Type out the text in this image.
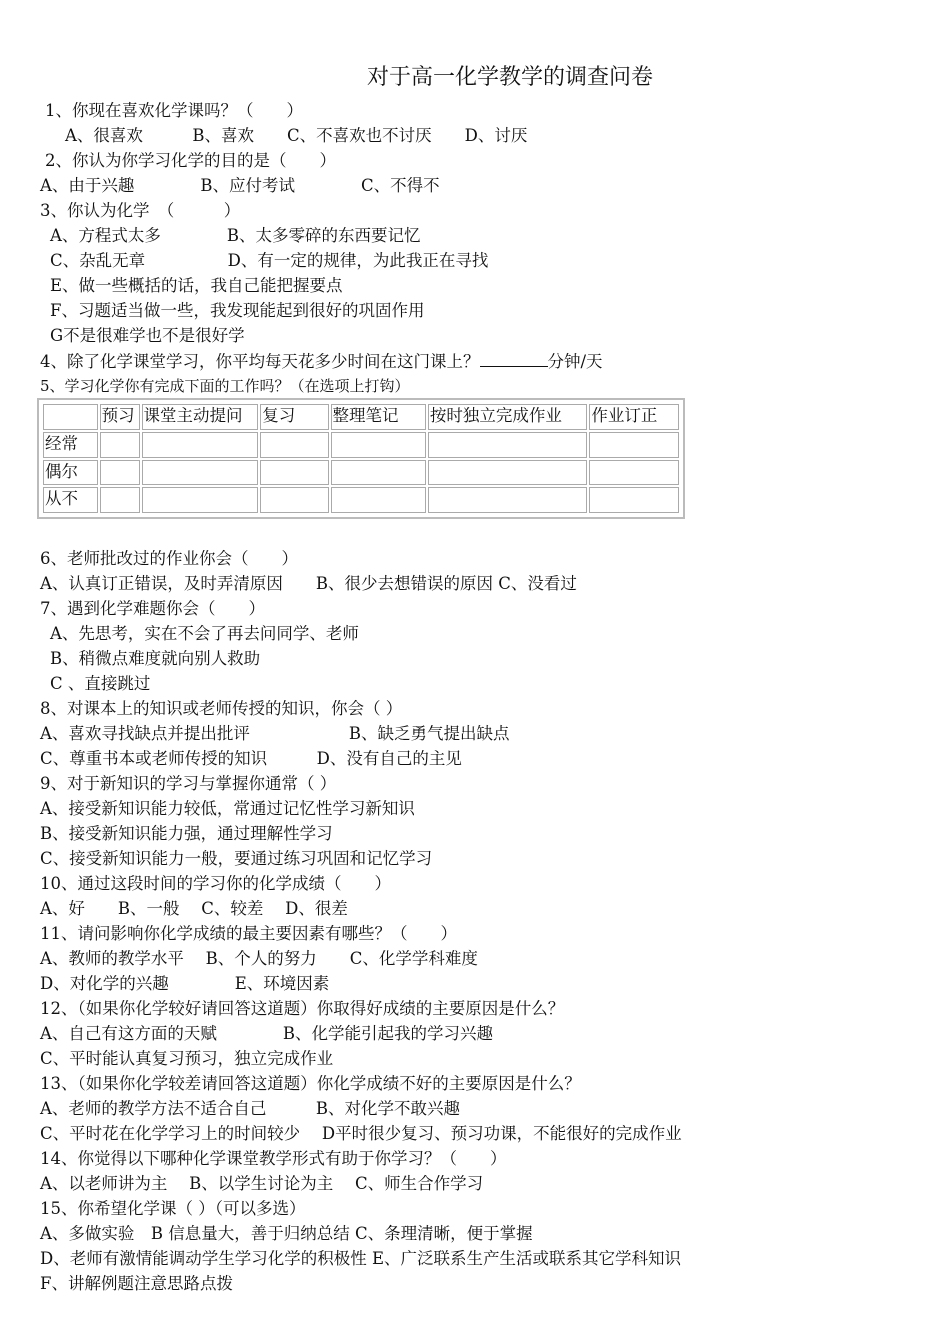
对于高一化学教学的调查问卷
1、你现在喜欢化学课吗？（　　）
A、很喜欢　　　B、喜欢　　C、不喜欢也不讨厌　　D、讨厌
2、你认为你学习化学的目的是（　　）
A、由于兴趣　　　　B、应付考试　　　　C、不得不
3、你认为化学　（　　　）
A、方程式太多　　　　B、太多零碎的东西要记忆
C、杂乱无章　　　　　D、有一定的规律，为此我正在寻找
E、做一些概括的话，我自己能把握要点
F、习题适当做一些，我发现能起到很好的巩固作用
G不是很难学也不是很好学
4、除了化学课堂学习，你平均每天花多少时间在这门课上？	分钟/天
5、学习化学你有完成下面的工作吗？（在选项上打钩）
	预习	课堂主动提问	复习	整理笔记	按时独立完成作业	作业订正
经常						
偶尔						
从不						
6、老师批改过的作业你会（　　）
A、认真订正错误，及时弄清原因　　B、很少去想错误的原因 C、没看过
7、遇到化学难题你会（　　）
A、先思考，实在不会了再去问同学、老师
B、稍微点难度就向别人救助
C 、直接跳过
8、对课本上的知识或老师传授的知识，你会（ ）
A、喜欢寻找缺点并提出批评　　　　　　B、缺乏勇气提出缺点
C、尊重书本或老师传授的知识　　　D、没有自己的主见
9、对于新知识的学习与掌握你通常（ ）
A、接受新知识能力较低，常通过记忆性学习新知识
B、接受新知识能力强，通过理解性学习
C、接受新知识能力一般，要通过练习巩固和记忆学习
10、通过这段时间的学习你的化学成绩（　　）
A、好　　B、一般　 C、较差　 D、很差
11、请问影响你化学成绩的最主要因素有哪些？（　　）
A、教师的教学水平　 B、个人的努力　　C、化学学科难度
D、对化学的兴趣　　　　E、环境因素
12、（如果你化学较好请回答这道题）你取得好成绩的主要原因是什么？
A、自己有这方面的天赋　　　　B、化学能引起我的学习兴趣
C、平时能认真复习预习，独立完成作业
13、（如果你化学较差请回答这道题）你化学成绩不好的主要原因是什么？
A、老师的教学方法不适合自己　　　B、对化学不敢兴趣
C、平时花在化学学习上的时间较少　 D平时很少复习、预习功课，不能很好的完成作业
14、你觉得以下哪种化学课堂教学形式有助于你学习？（　　）
A、以老师讲为主　 B、以学生讨论为主　 C、师生合作学习
15、你希望化学课（ ）（可以多选）
A、多做实验　B 信息量大，善于归纳总结 C、条理清晰，便于掌握
D、老师有激情能调动学生学习化学的积极性 E、广泛联系生产生活或联系其它学科知识
F、讲解例题注意思路点拨
